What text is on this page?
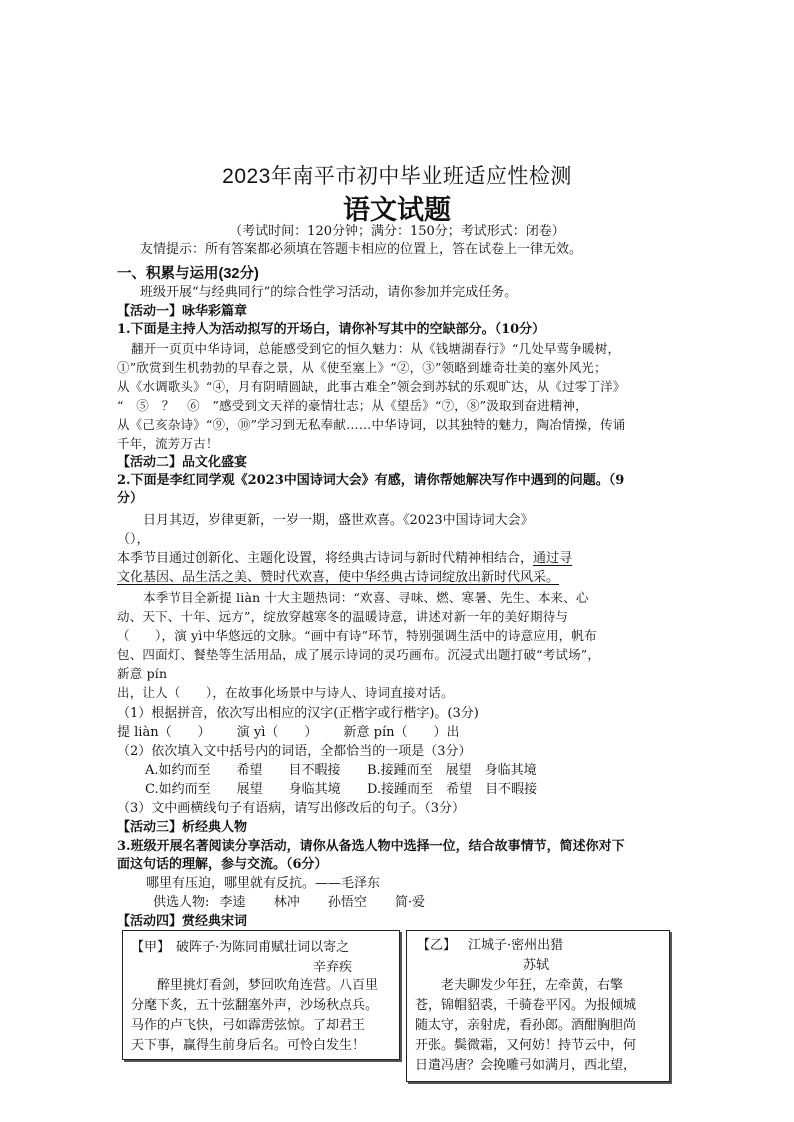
2023年南平市初中毕业班适应性检测
语文试题
（考试时间：120分钟；满分：150分；考试形式：闭卷）
友情提示：所有答案都必须填在答题卡相应的位置上，答在试卷上一律无效。
一、积累与运用(32分)
班级开展“与经典同行”的综合性学习活动，请你参加并完成任务。
【活动一】咏华彩篇章
1.下面是主持人为活动拟写的开场白，请你补写其中的空缺部分。（10分）
翻开一页页中华诗词，总能感受到它的恒久魅力：从《钱塘湖春行》“几处早莺争暖树，
①”欣赏到生机勃勃的早春之景，从《使至塞上》“②，③”领略到雄奇壮美的塞外风光；
从《水调歌头》“④，月有阴晴圆缺，此事古难全”领会到苏轼的乐观旷达，从《过零丁洋》
“　⑤　？　⑥　”感受到文天祥的豪情壮志；从《望岳》“⑦，⑧”汲取到奋进精神，
从《己亥杂诗》“⑨，⑩”学习到无私奉献……中华诗词，以其独特的魅力，陶冶情操，传诵
千年，流芳万古！
【活动二】品文化盛宴
2.下面是李红同学观《2023中国诗词大会》有感，请你帮她解决写作中遇到的问题。（9
分）
日月其迈，岁律更新，一岁一期，盛世欢喜。《2023中国诗词大会》
（），
本季节目通过创新化、主题化设置，将经典古诗词与新时代精神相结合，通过寻
文化基因、品生活之美、赞时代欢喜，使中华经典古诗词绽放出新时代风采。
本季节目全新提 liàn 十大主题热词：“欢喜、寻味、燃、寒暑、先生、本来、心
动、天下、十年、远方”，绽放穿越寒冬的温暖诗意，讲述对新一年的美好期待与
（　　），演 yì中华悠远的文脉。“画中有诗”环节，特别强调生活中的诗意应用，帆布
包、四面灯、餐垫等生活用品，成了展示诗词的灵巧画布。沉浸式出题打破“考试场”，
新意 pín
出，让人（　　），在故事化场景中与诗人、诗词直接对话。
（1）根据拼音，依次写出相应的汉字(正楷字或行楷字)。(3分)
提 liàn（　　） 演 yì（　　） 新意 pín（　　）出
（2）依次填入文中括号内的词语，全都恰当的一项是（3分）
A.如约而至　　希望　　目不暇接 B.接踵而至　展望　身临其境
C.如约而至　　展望　　身临其境 D.接踵而至　希望　目不暇接
（3）文中画横线句子有语病，请写出修改后的句子。（3分）
【活动三】析经典人物
3.班级开展名著阅读分享活动，请你从备选人物中选择一位，结合故事情节，简述你对下
面这句话的理解，参与交流。（6分）
哪里有压迫，哪里就有反抗。——毛泽东
供选人物: 李逵 林冲 孙悟空 简·爱
【活动四】赏经典宋词
【甲】 破阵子·为陈同甫赋壮词以寄之
辛弃疾
醉里挑灯看剑，梦回吹角连营。八百里
分麾下炙，五十弦翻塞外声，沙场秋点兵。
马作的卢飞快，弓如霹雳弦惊。了却君王
天下事，赢得生前身后名。可怜白发生！
【乙】 江城子·密州出猎
苏轼
老夫聊发少年狂，左牵黄，右擎
苍，锦帽貂裘，千骑卷平冈。为报倾城
随太守，亲射虎，看孙郎。酒酣胸胆尚
开张。鬓微霜，又何妨！持节云中，何
日遣冯唐？会挽雕弓如满月，西北望，
